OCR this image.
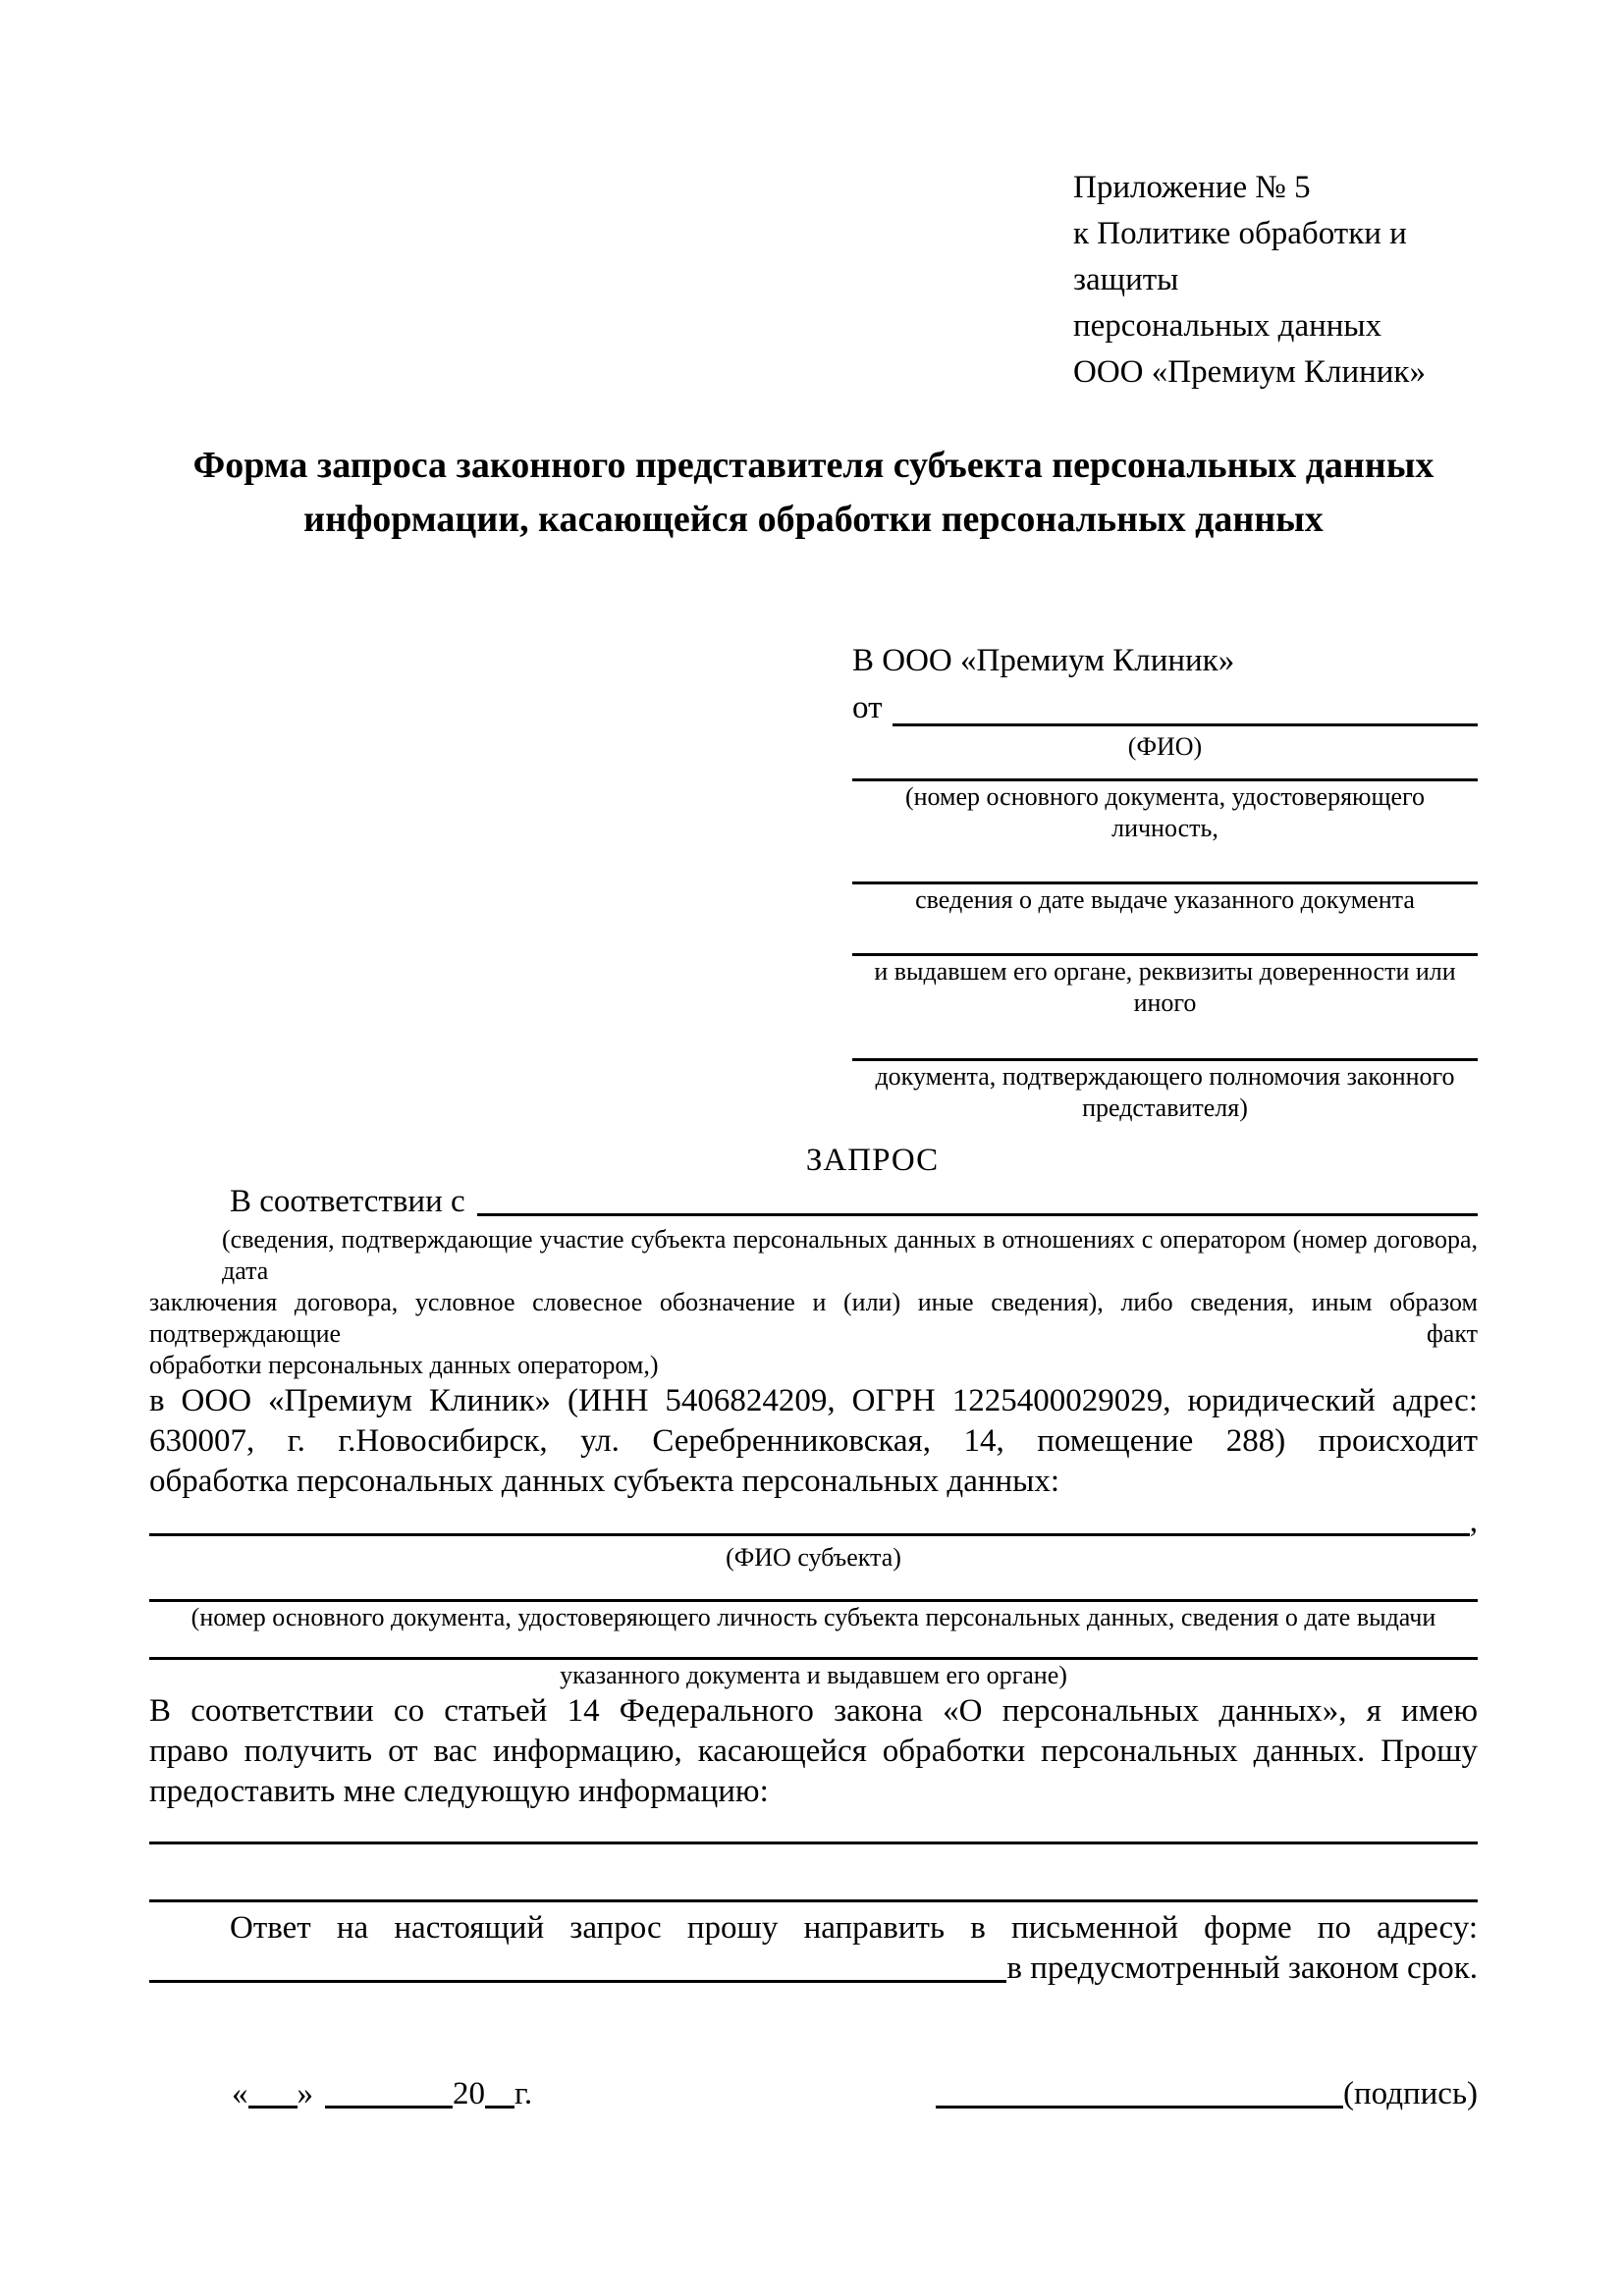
Приложение № 5
к Политике обработки и защиты
персональных данных
ООО «Премиум Клиник»
Форма запроса законного представителя субъекта персональных данных
информации, касающейся обработки персональных данных
В ООО «Премиум Клиник»
от
(ФИО)
(номер основного документа, удостоверяющего личность,
сведения о дате выдаче указанного документа
и выдавшем его органе, реквизиты доверенности или иного
документа, подтверждающего полномочия законного представителя)
ЗАПРОС
В соответствии с
(сведения, подтверждающие участие субъекта персональных данных в отношениях с оператором (номер договора, дата
заключения договора, условное словесное обозначение и (или) иные сведения), либо сведения, иным образом подтверждающие факт
обработки персональных данных оператором,)
в ООО «Премиум Клиник» (ИНН 5406824209, ОГРН 1225400029029, юридический адрес:
630007, г. г.Новосибирск, ул. Серебренниковская, 14, помещение 288) происходит
обработка персональных данных субъекта персональных данных:
,
(ФИО субъекта)
(номер основного документа, удостоверяющего личность субъекта персональных данных, сведения о дате выдачи
указанного документа и выдавшем его органе)
В соответствии со статьей 14 Федерального закона «О персональных данных», я имею
право получить от вас информацию, касающейся обработки персональных данных. Прошу
предоставить мне следующую информацию:
Ответ на настоящий запрос прошу направить в письменной форме по адресу:
в предусмотренный законом срок.
« »	20 г.	(подпись)
